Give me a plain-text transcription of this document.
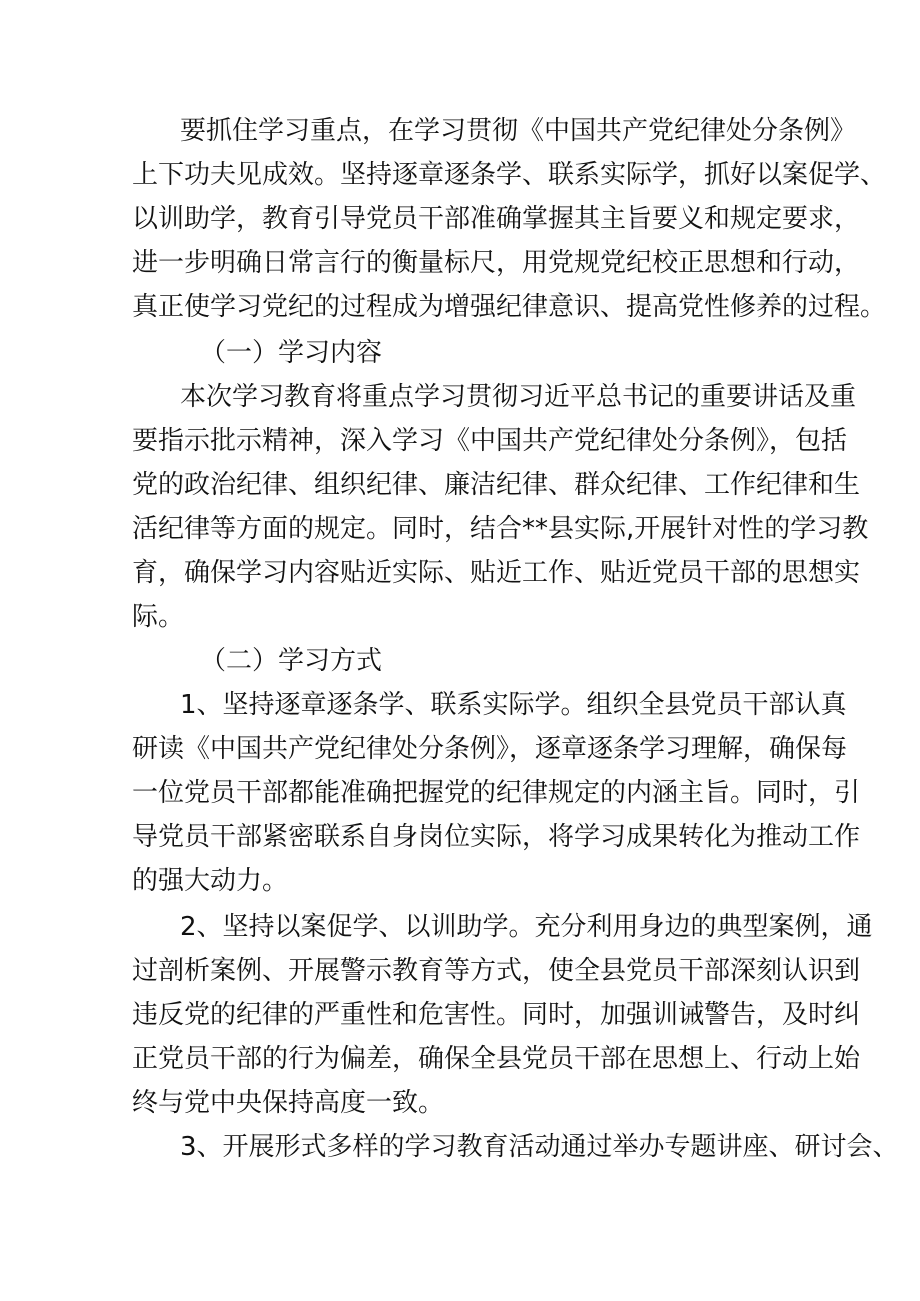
要抓住学习重点，在学习贯彻《中国共产党纪律处分条例》
上下功夫见成效。坚持逐章逐条学、联系实际学，抓好以案促学、
以训助学，教育引导党员干部准确掌握其主旨要义和规定要求，
进一步明确日常言行的衡量标尺，用党规党纪校正思想和行动，
真正使学习党纪的过程成为增强纪律意识、提高党性修养的过程。
（一）学习内容
本次学习教育将重点学习贯彻习近平总书记的重要讲话及重
要指示批示精神，深入学习《中国共产党纪律处分条例》，包括
党的政治纪律、组织纪律、廉洁纪律、群众纪律、工作纪律和生
活纪律等方面的规定。同时，结合**县实际,开展针对性的学习教
育，确保学习内容贴近实际、贴近工作、贴近党员干部的思想实
际。
（二）学习方式
1、坚持逐章逐条学、联系实际学。组织全县党员干部认真
研读《中国共产党纪律处分条例》，逐章逐条学习理解，确保每
一位党员干部都能准确把握党的纪律规定的内涵主旨。同时，引
导党员干部紧密联系自身岗位实际，将学习成果转化为推动工作
的强大动力。
2、坚持以案促学、以训助学。充分利用身边的典型案例，通
过剖析案例、开展警示教育等方式，使全县党员干部深刻认识到
违反党的纪律的严重性和危害性。同时，加强训诫警告，及时纠
正党员干部的行为偏差，确保全县党员干部在思想上、行动上始
终与党中央保持高度一致。
3、开展形式多样的学习教育活动通过举办专题讲座、研讨会、
